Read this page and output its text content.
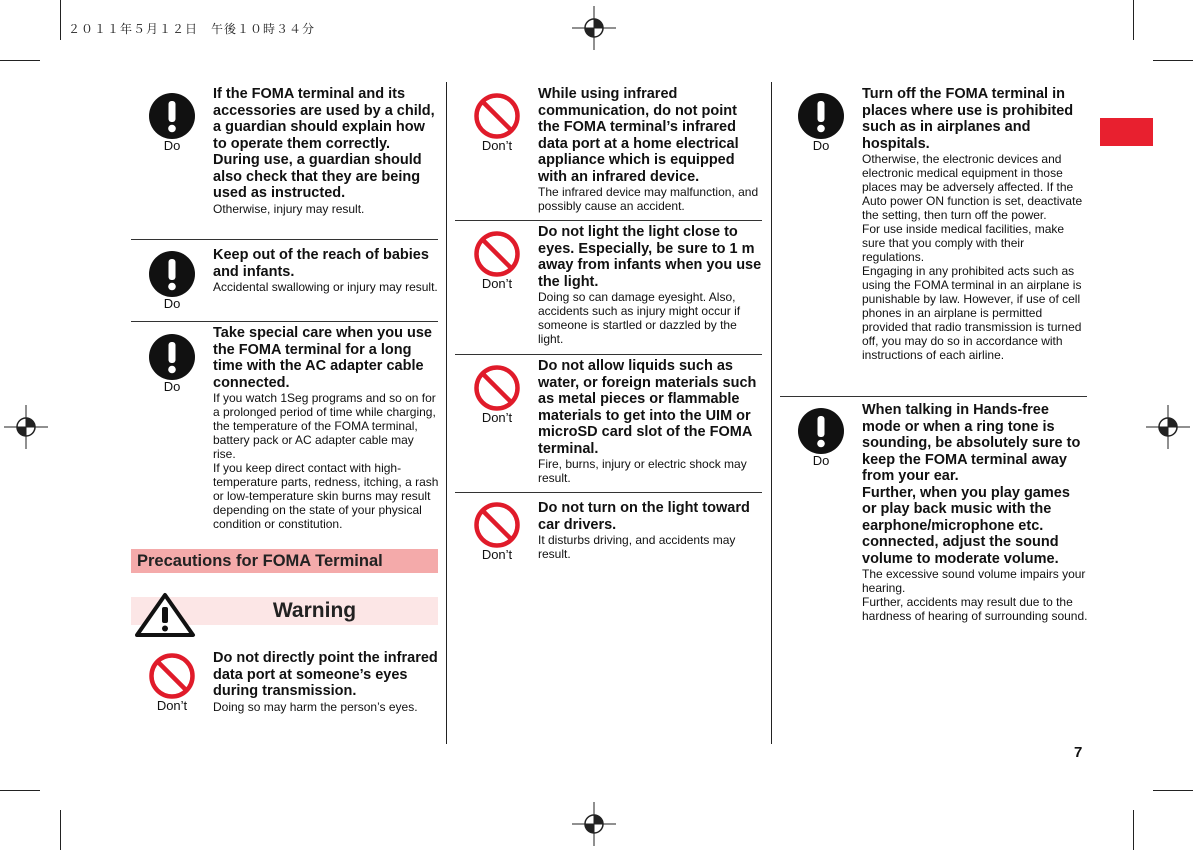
２０１１年５月１２日　午後１０時３４分
7
Do
If the FOMA terminal and its accessories are used by a child, a guardian should explain how to operate them correctly. During use, a guardian should also check that they are being used as instructed.
Otherwise, injury may result.
Do
Keep out of the reach of babies and infants.
Accidental swallowing or injury may result.
Do
Take special care when you use the FOMA terminal for a long time with the AC adapter cable connected.
If you watch 1Seg programs and so on for a prolonged period of time while charging, the temperature of the FOMA terminal, battery pack or AC adapter cable may rise.
If you keep direct contact with high-temperature parts, redness, itching, a rash or low-temperature skin burns may result depending on the state of your physical condition or constitution.
Precautions for FOMA Terminal
Warning
Don’t
Do not directly point the infrared data port at someone’s eyes during transmission.
Doing so may harm the person’s eyes.
Don’t
While using infrared communication, do not point the FOMA terminal’s infrared data port at a home electrical appliance which is equipped with an infrared device.
The infrared device may malfunction, and possibly cause an accident.
Don’t
Do not light the light close to eyes. Especially, be sure to 1 m away from infants when you use the light.
Doing so can damage eyesight. Also, accidents such as injury might occur if someone is startled or dazzled by the light.
Don’t
Do not allow liquids such as water, or foreign materials such as metal pieces or flammable materials to get into the UIM or microSD card slot of the FOMA terminal.
Fire, burns, injury or electric shock may result.
Don’t
Do not turn on the light toward car drivers.
It disturbs driving, and accidents may result.
Do
Turn off the FOMA terminal in places where use is prohibited such as in airplanes and hospitals.
Otherwise, the electronic devices and electronic medical equipment in those places may be adversely affected. If the Auto power ON function is set, deactivate the setting, then turn off the power.
For use inside medical facilities, make sure that you comply with their regulations.
Engaging in any prohibited acts such as using the FOMA terminal in an airplane is punishable by law. However, if use of cell phones in an airplane is permitted provided that radio transmission is turned off, you may do so in accordance with instructions of each airline.
Do
When talking in Hands-free mode or when a ring tone is sounding, be absolutely sure to keep the FOMA terminal away from your ear.
Further, when you play games or play back music with the earphone/microphone etc. connected, adjust the sound volume to moderate volume.
The excessive sound volume impairs your hearing.
Further, accidents may result due to the hardness of hearing of surrounding sound.
